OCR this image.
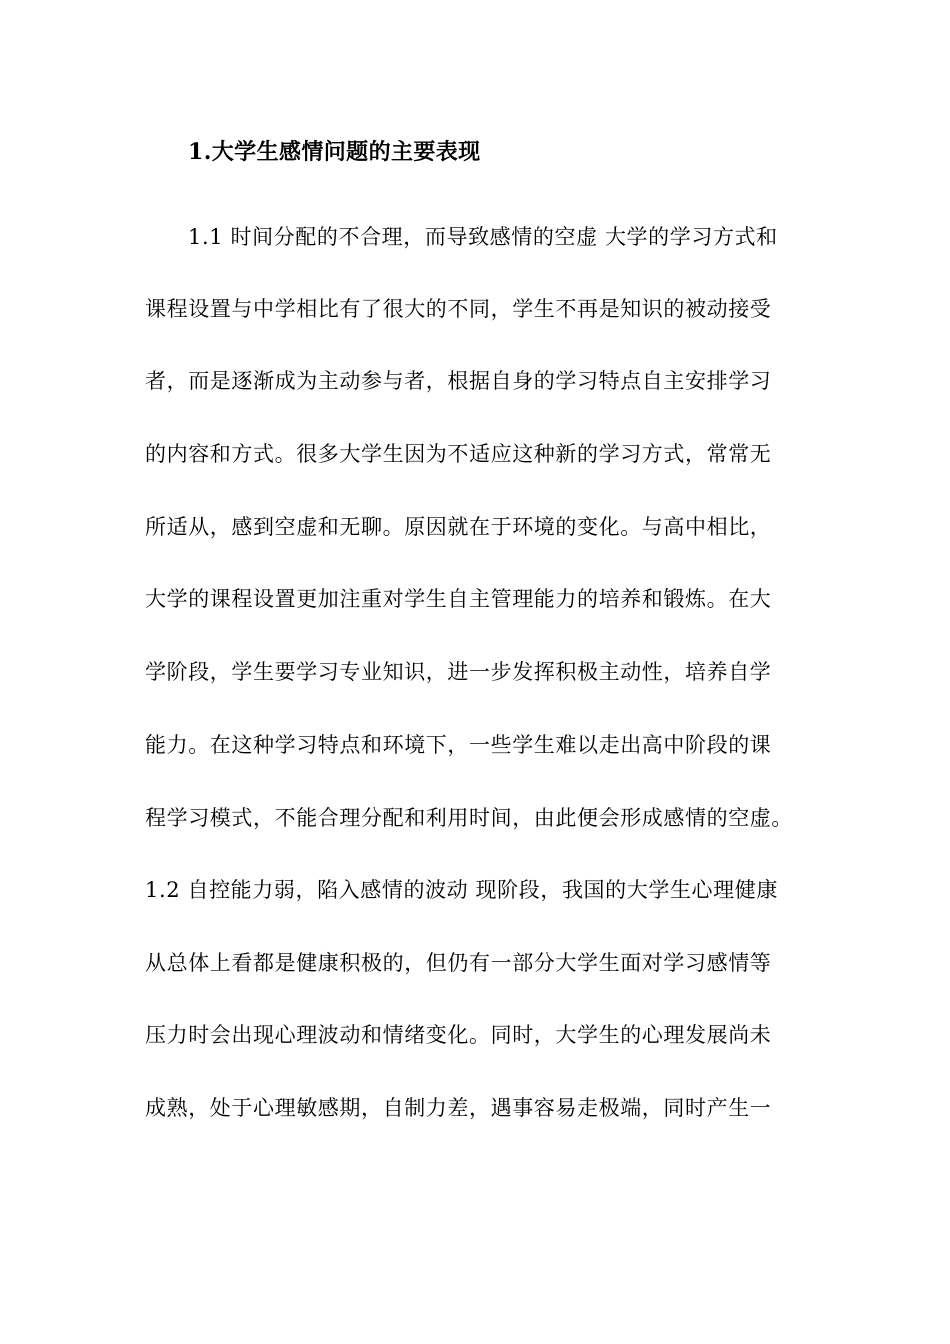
1.大学生感情问题的主要表现
1.1 时间分配的不合理，而导致感情的空虚 大学的学习方式和
课程设置与中学相比有了很大的不同，学生不再是知识的被动接受
者，而是逐渐成为主动参与者，根据自身的学习特点自主安排学习
的内容和方式。很多大学生因为不适应这种新的学习方式，常常无
所适从，感到空虚和无聊。原因就在于环境的变化。与高中相比，
大学的课程设置更加注重对学生自主管理能力的培养和锻炼。在大
学阶段，学生要学习专业知识，进一步发挥积极主动性，培养自学
能力。在这种学习特点和环境下，一些学生难以走出高中阶段的课
程学习模式，不能合理分配和利用时间，由此便会形成感情的空虚。
1.2 自控能力弱，陷入感情的波动 现阶段，我国的大学生心理健康
从总体上看都是健康积极的，但仍有一部分大学生面对学习感情等
压力时会出现心理波动和情绪变化。同时，大学生的心理发展尚未
成熟，处于心理敏感期，自制力差，遇事容易走极端，同时产生一
